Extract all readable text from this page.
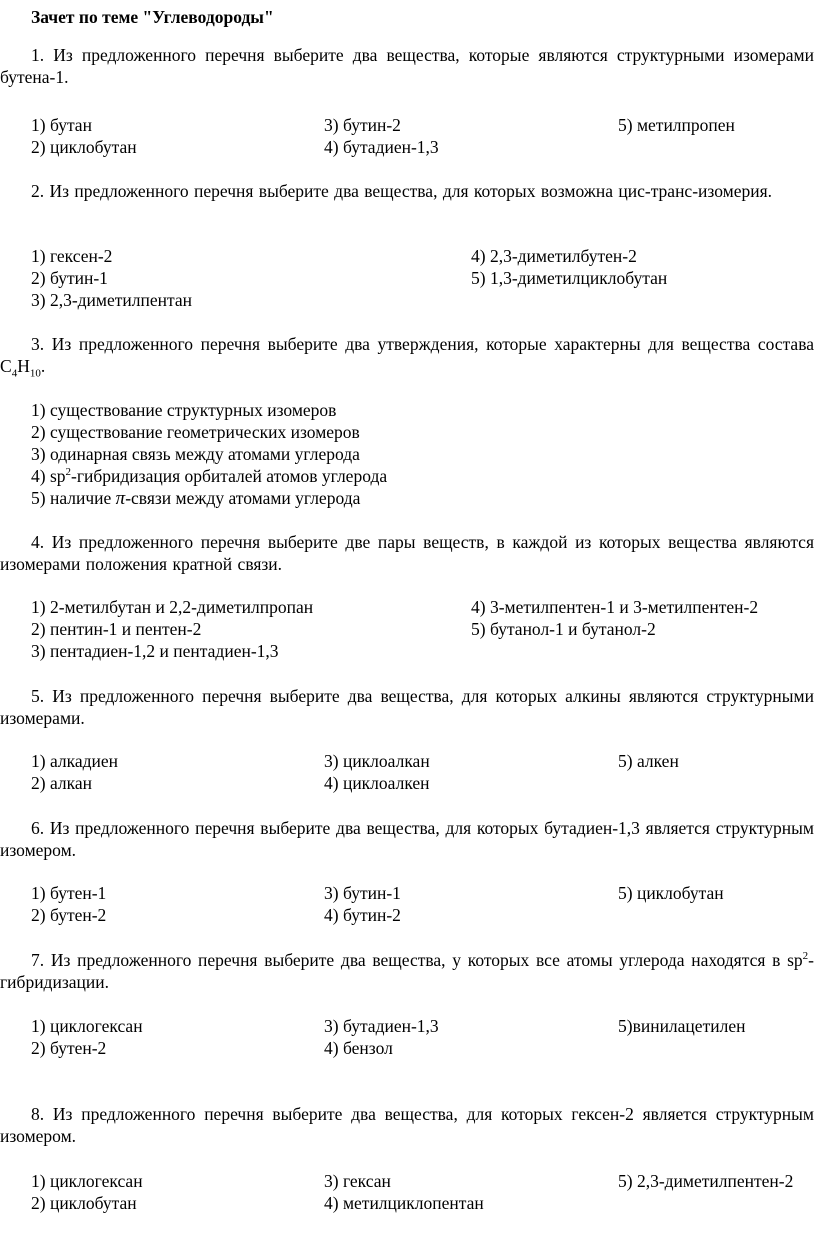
Зачет по теме "Углеводороды"

1. Из предложенного перечня выберите два вещества, которые являются структурными изомерами бутена-1.

1) бутан	3) бутин-2	5) метилпропен
2) циклобутан	4) бутадиен-1,3

2. Из предложенного перечня выберите два вещества, для которых возможна цис-транс-изомерия.

1) гексен-2	4) 2,3-диметилбутен-2
2) бутин-1	5) 1,3-диметилциклобутан
3) 2,3-диметилпентан

3. Из предложенного перечня выберите два утверждения, которые характерны для вещества состава $C_4H_{10}$.

1) существование структурных изомеров
2) существование геометрических изомеров
3) одинарная связь между атомами углерода
4) $sp^2$-гибридизация орбиталей атомов углерода
5) наличие π-связи между атомами углерода

4. Из предложенного перечня выберите две пары веществ, в каждой из которых вещества являются изомерами положения кратной связи.

1) 2-метилбутан и 2,2-диметилпропан	4) 3-метилпентен-1 и 3-метилпентен-2
2) пентин-1 и пентен-2	5) бутанол-1 и бутанол-2
3) пентадиен-1,2 и пентадиен-1,3

5. Из предложенного перечня выберите два вещества, для которых алкины являются структурными изомерами.

1) алкадиен	3) циклоалкан	5) алкен
2) алкан	4) циклоалкен

6. Из предложенного перечня выберите два вещества, для которых бутадиен-1,3 является структурным изомером.

1) бутен-1	3) бутин-1	5) циклобутан
2) бутен-2	4) бутин-2

7. Из предложенного перечня выберите два вещества, у которых все атомы углерода находятся в $sp^2$-гибридизации.

1) циклогексан	3) бутадиен-1,3	5)винилацетилен
2) бутен-2	4) бензол

8. Из предложенного перечня выберите два вещества, для которых гексен-2 является структурным изомером.

1) циклогексан	3) гексан	5) 2,3-диметилпентен-2
2) циклобутан	4) метилциклопентан
